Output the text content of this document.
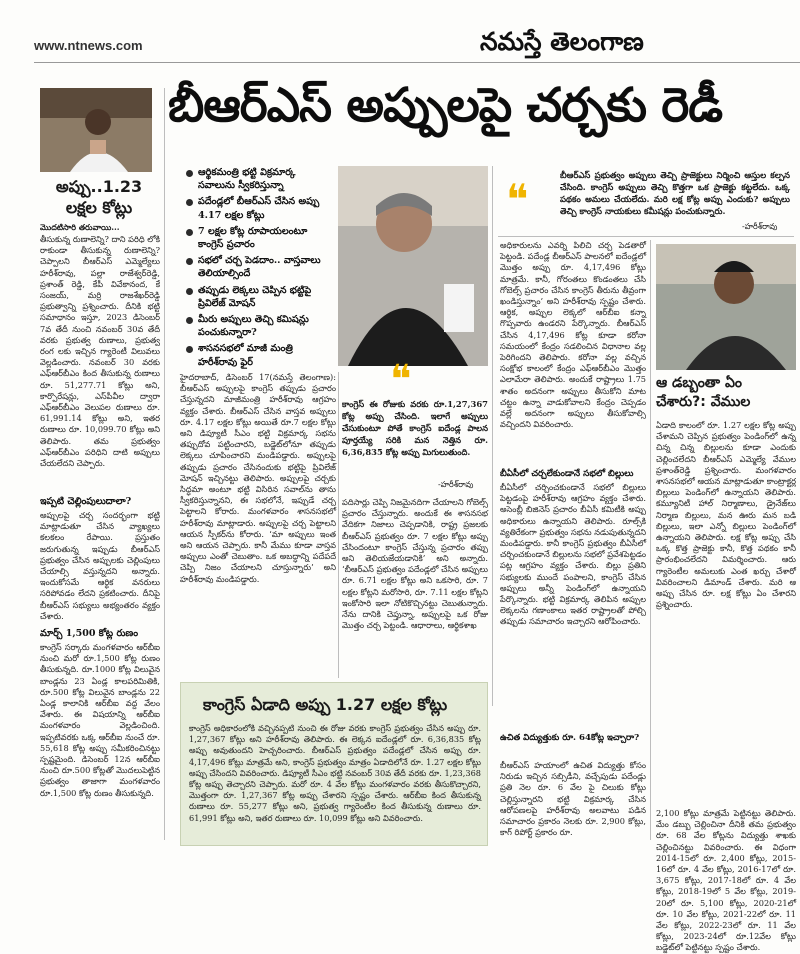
www.ntnews.com	నమస్తే తెలంగాణ
బీఆర్ఎస్ అప్పులపై చర్చకు రెడీ
అప్పు..1.23 లక్షల కోట్లు
మొదటిసారి తరువాయి...
తీసుకున్న రుణాలెన్ని? దాని పరిధి లోకి రాకుండా తీసుకున్న రుణాలెన్ని? చెప్పాలని బీఆర్ఎస్ ఎమ్మెల్యేలు హరీశ్‌రావు, పల్లా రాజేశ్వర్‌రెడ్డి, ప్రశాంత్ రెడ్డి, కేపీ వివేకానంద, కే సంజయ్, మర్రి రాజశేఖర్‌రెడ్డి ప్రభుత్వాన్ని ప్రశ్నించారు. దీనికి భట్టి సమాధానం ఇస్తూ, 2023 డిసెంబర్ 7వ తేదీ నుంచి నవంబర్ 30వ తేదీ వరకు ప్రభుత్వ రుణాలు, ప్రభుత్వ రంగ లకు ఇచ్చిన గ్యారెంటీ విలువలు వెల్లడించారు. నవంబర్ 30 వరకు ఎఫ్‌ఆర్‌బీఎం కింద తీసుకున్న రుణాలు రూ. 51,277.71 కోట్లు అని, కార్పొరేషన్లు, ఎస్‌పీవీల ద్వారా ఎఫ్‌ఆర్‌బీఎం వెలుపల రుణాలు రూ. 61,991.14 కోట్లు అని, ఇతర రుణాలు రూ. 10,099.70 కోట్లు అని తెలిపారు. తమ ప్రభుత్వం ఎఫ్‌ఆర్‌బీఎం పరిధిని దాటి అప్పులు చేయలేదని చెప్పారు.
ఇప్పటి చెల్లింపులుదాలా?
అప్పులపై చర్చ సందర్భంగా భట్టి మాట్లాడుతూ చేసిన వ్యాఖ్యలు కలకలం రేపాయి. ప్రస్తుతం జరుగుతున్న ఇప్పుడు బీఆర్ఎస్ ప్రభుత్వం చేసిన అప్పులకు చెల్లింపులు చేయాల్సి వస్తున్నదని అన్నారు. ఇందుకోసమే ఆర్థిక వనరులు సరిపోవడం లేదని ప్రకటించారు. దీనిపై బీఆర్ఎస్ సభ్యులు అభ్యంతరం వ్యక్తం చేశారు.
మార్చ్ 1,500 కోట్ల రుణం
కాంగ్రెస్ సర్కారు మంగళవారం ఆర్‌బీఐ నుంచి మరో రూ.1,500 కోట్ల రుణం తీసుకున్నది. రూ.1000 కోట్ల విలువైన బాండ్లను 23 ఏండ్ల కాలపరిమితికి, రూ.500 కోట్ల విలువైన బాండ్లను 22 ఏండ్ల కాలానికి ఆర్‌బీఐ వద్ద వేలం వేశారు. ఈ విషయాన్ని ఆర్‌బీఐ మంగళవారం వెల్లడించింది. ఇప్పటివరకు ఒక్క ఆర్‌బీఐ నుంచే రూ. 55,618 కోట్ల అప్పు సమీకరించినట్టు స్పష్టమైంది. డిసెంబర్ 12న ఆర్‌బీఐ నుంచి రూ.500 కోట్లతో మొదలుపెట్టిన ప్రభుత్వం తాజాగా మంగళవారం రూ.1,500 కోట్ల రుణం తీసుకున్నది.
ఆర్థికమంత్రి భట్టి విక్రమార్క సవాలును స్వీకరిస్తున్నా
పదేండ్లలో బీఆర్ఎస్ చేసిన అప్పు 4.17 లక్షల కోట్లు
7 లక్షల కోట్ల రూపాయలంటూ కాంగ్రెస్ ప్రచారం
సభలో చర్చ పెడదాం.. వాస్తవాలు తెలియాల్సిందే
తప్పుడు లెక్కలు చెప్పిన భట్టిపై ప్రివిలేజ్ మోషన్
మీరు అప్పులు తెచ్చి కమిషన్లు పంచుకున్నారా?
శాసనసభలో మాజీ మంత్రి హరీశ్‌రావు ఫైర్	❝
కాంగ్రెస్ ఈ రోజుకు వరకు రూ.1,27,367 కోట్ల అప్పు చేసింది. ఇలాగే అప్పులు చేసుకుంటూ పోతే కాంగ్రెస్ ఐదేండ్ల పాలన పూర్తయ్యే సరికి మన నెత్తిన రూ. 6,36,835 కోట్ల అప్పు మిగులుతుంది.
-హరీశ్‌రావు
హైదరాబాద్, డిసెంబర్ 17(నమస్తే తెలంగాణ): బీఆర్ఎస్ అప్పులపై కాంగ్రెస్ తప్పుడు ప్రచారం చేస్తున్నదని మాజీమంత్రి హరీశ్‌రావు ఆగ్రహం వ్యక్తం చేశారు. బీఆర్ఎస్ చేసిన వాస్తవ అప్పులు రూ. 4.17 లక్షల కోట్లు అయితే రూ.7 లక్షల కోట్లు అని డిప్యూటీ సీఎం భట్టి విక్రమార్క సభను తప్పుదోవ పట్టించారని, బడ్జెట్‌లోనూ తప్పుడు లెక్కలు చూపించారని మండిపడ్డారు. అప్పులపై తప్పుడు ప్రచారం చేసినందుకు భట్టిపై ప్రివిలేజ్ మోషన్ ఇచ్చినట్టు తెలిపారు. అప్పులపై చర్చకు సిద్ధమా అంటూ భట్టి విసిరిన సవాల్‌ను తాను స్వీకరిస్తున్నానని, ఈ సభలోనే, ఇప్పుడే చర్చ పెట్టాలని కోరారు. మంగళవారం శాసనసభలో హరీశ్‌రావు మాట్లాడారు. అప్పులపై చర్చ పెట్టాలని ఆయన స్పీకర్‌ను కోరారు. ‘మా అప్పులు ఇంత అని ఆయన చెప్పారు. కానీ మేము కూడా వాస్తవ అప్పులు ఎంతో చెబుతాం. ఒక అబద్ధాన్ని పదేపదే చెప్పి నిజం చేయాలని చూస్తున్నారు’ అని హరీశ్‌రావు మండిపడ్డారు.
పదిసార్లు చెప్పి నిజమైనదిగా చేయాలని గోబెల్స్ ప్రచారం చేస్తున్నారు. అందుకే ఈ శాసనసభ వేదికగా నిజాలు చెప్పడానికి, రాష్ట్ర ప్రజలకు బీఆర్ఎస్ ప్రభుత్వం రూ. 7 లక్షల కోట్లు అప్పు చేసిందంటూ కాంగ్రెస్ చేస్తున్న ప్రచారం తప్పు అని తెలియజేయడానికి’ అని అన్నారు. ‘బీఆర్ఎస్ ప్రభుత్వం పదేండ్లలో చేసిన అప్పులు రూ. 6.71 లక్షల కోట్లు అని ఒకసారి, రూ. 7 లక్షల కోట్లని మరోసారి, రూ. 7.11 లక్షల కోట్లని ఇంకోసారి ఇలా నోటికొచ్చినట్టు చెబుతున్నారు. నేను దానికి చెప్తున్నా, అప్పులపై ఒక రోజు మొత్తం చర్చ పెట్టండి. ఆధారాలు, ఆర్థికశాఖ
కాంగ్రెస్ ఏడాది అప్పు 1.27 లక్షల కోట్లు
కాంగ్రెస్ అధికారంలోకి వచ్చినప్పటి నుంచి ఈ రోజు వరకు కాంగ్రెస్ ప్రభుత్వం చేసిన అప్పు రూ. 1,27,367 కోట్లు అని హరీశ్‌రావు తెలిపారు. ఈ లెక్కన ఐదేండ్లలో రూ. 6,36,835 కోట్ల అప్పు అవుతుందని హెచ్చరించారు. బీఆర్ఎస్ ప్రభుత్వం పదేండ్లలో చేసిన అప్పు రూ. 4,17,496 కోట్లు మాత్రమే అని, కాంగ్రెస్ ప్రభుత్వం మాత్రం ఏడాదిలోనే రూ. 1.27 లక్షల కోట్లు అప్పు చేసిందని వివరించారు. డిప్యూటీ సీఎం భట్టి నవంబర్ 30వ తేదీ వరకు రూ. 1,23,368 కోట్ల అప్పు తెచ్చారని చెప్పారు. మరో రూ. 4 వేల కోట్లు మంగళవారం వరకు తీసుకొచ్చారని, మొత్తంగా రూ. 1,27,367 కోట్ల అప్పు చేశారని స్పష్టం చేశారు. ఆర్‌బీఐ కింద తీసుకున్న రుణాలు రూ. 55,277 కోట్లు అని, ప్రభుత్వ గ్యారెంటీల కింద తీసుకున్న రుణాలు రూ. 61,991 కోట్లు అని, ఇతర రుణాలు రూ. 10,099 కోట్లు అని వివరించారు.
❝	బీఆర్ఎస్ ప్రభుత్వం అప్పులు తెచ్చి ప్రాజెక్టులు నిర్మించి ఆస్తుల కల్పన చేసింది. కాంగ్రెస్ అప్పులు తెచ్చి కొత్తగా ఒక ప్రాజెక్టు కట్టలేదు. ఒక్క పథకం అమలు చేయలేదు. మరి లక్ష కోట్ల అప్పు ఎందుకు? అప్పులు తెచ్చి కాంగ్రెస్ నాయకులు కమీషన్లు పంచుకున్నారు.
-హరీశ్‌రావు
అధికారులను ఎవర్ని పిలిచి చర్చ పెడతారో పెట్టండి. పదేండ్ల బీఆర్ఎస్ పాలనలో ఐదేండ్లలో మొత్తం అప్పు రూ. 4,17,496 కోట్లు మాత్రమే. కానీ, గోరంతలు కొండంతలు చేసి గోబెల్స్ ప్రచారం చేసిన కాంగ్రెస్ తీరును తీవ్రంగా ఖండిస్తున్నాం’ అని హరీశ్‌రావు స్పష్టం చేశారు. ఆర్థిక, అప్పుల లెక్కలో ఆర్‌బీఐ కన్నా గొప్పవారు ఉండరని పేర్కొన్నారు. బీఆర్ఎస్ చేసిన 4,17,496 కోట్ల కూడా కరోనా సమయంలో కేంద్రం సడలించిన విధానాల వల్ల పెరిగిందని తెలిపారు. కరోనా వల్ల వచ్చిన సంక్షోభ కాలంలో కేంద్రం ఎఫ్‌ఆర్‌బీఎం మొత్తం ఎలామేరా తెలిపారు. అందుకే రాష్ట్రాలు 1.75 శాతం అదనంగా అప్పులు తీసుకోని మాట చట్టం ఉన్నా వాడుకోవాలని కేంద్రం చెప్పడం వల్లే అదనంగా అప్పులు తీసుకోవాల్సి వచ్చిందని వివరించారు.
బీఏసీలో చర్చలేకుండానే సభలో బిల్లులు
బీఏసీలో చర్చించకుండానే సభలో బిల్లులు పెట్టడంపై హరీశ్‌రావు ఆగ్రహం వ్యక్తం చేశారు. అసెంబ్లీ బిజినెస్ ప్రచారం బీఏసీ కమిటీకి అప్పు అధికారులు ఉన్నాయని తెలిపారు. రూల్స్‌కి వ్యతిరేకంగా ప్రభుత్వం సభను నడుపుతున్నదని మండిపడ్డారు. కానీ కాంగ్రెస్ ప్రభుత్వం బీఏసీలో చర్చించకుండానే బిల్లులను సభలో ప్రవేశపెట్టడం పట్ల ఆగ్రహం వ్యక్తం చేశారు. బిల్లు ప్రతిని సభ్యులకు ముందే పంపాలని, కాంగ్రెస్ చేసిన అప్పులు అన్నీ పెండింగ్‌లో ఉన్నాయని పేర్కొన్నారు. భట్టి విక్రమార్క తెలిపిన అప్పుల లెక్కలను గణాంకాలు ఇతర రాష్ట్రాలతో పోల్చి తప్పుడు సమాచారం ఇచ్చారని ఆరోపించారు.
ఉచిత విద్యుత్తుకు రూ. 64కోట్ల ఇచ్చారా?
బీఆర్ఎస్ హయాంలో ఉచిత విద్యుత్తు కోసం నిరుడు ఇచ్చిన సబ్సిడీని, వచ్చేపుడు పదేండ్లు ప్రతి నెల రూ. 6 వేల పై చిలుకు కోట్లు చెల్లిస్తున్నారని భట్టి విక్రమార్క చేసిన ఆరోపణలపై హరీశ్‌రావు అలవాటు పడిన సమాచారం ప్రకారం నెలకు రూ. 2,900 కోట్లు, కాగ్ రిపోర్ట్ ప్రకారం రూ.
ఆ డబ్బంతా ఏం చేశారు?: వేముల
ఏడాది కాలంలో రూ. 1.27 లక్షల కోట్ల అప్పు చేశామని చెప్పిన ప్రభుత్వం పెండింగ్‌లో ఉన్న చిన్న చిన్న బిల్లులను కూడా ఎందుకు చెల్లించలేదని బీఆర్ఎస్ ఎమ్మెల్యే వేముల ప్రశాంత్‌రెడ్డి ప్రశ్నించారు. మంగళవారం శాసనసభలో ఆయన మాట్లాడుతూ కాంట్రాక్టర్ల బిల్లులు పెండింగ్‌లో ఉన్నాయని తెలిపారు. కమ్యూనిటీ హాల్ నిర్మాణాలు, డ్రైనేజ్‌లు నిర్మాణ బిల్లులు, మన ఊరు మన బడి బిల్లులు, ఇలా ఎన్నో బిల్లులు పెండింగ్‌లో ఉన్నాయని తెలిపారు. లక్ష కోట్ల అప్పు చేసి ఒక్క కొత్త ప్రాజెక్టు కానీ, కొత్త పథకం కానీ ప్రారంభించలేదని విమర్శించారు. ఆరు గ్యారెంటీల అమలుకు ఎంత ఖర్చు చేశారో వివరించాలని డిమాండ్ చేశారు. మరి ఆ అప్పు చేసిన రూ. లక్ష కోట్లు ఏం చేశారని ప్రశ్నించారు.
2,100 కోట్లు మాత్రమే పెట్టినట్టు తెలిపారు. మేం డబ్బు చెల్లించినా దీనికి తమ ప్రభుత్వం రూ. 68 వేల కోట్లను విద్యుత్తు శాఖకు చెల్లించినట్టు వివరించారు. ఈ విధంగా 2014-15లో రూ. 2,400 కోట్లు, 2015-16లో రూ. 4 వేల కోట్లు, 2016-17లో రూ. 3,675 కోట్లు, 2017-18లో రూ. 4 వేల కోట్లు, 2018-19లో 5 వేల కోట్లు, 2019-20లో రూ. 5,100 కోట్లు, 2020-21లో రూ. 10 వేల కోట్లు, 2021-22లో రూ. 11 వేల కోట్లు, 2022-23లో రూ. 11 వేల కోట్లు, 2023-24లో రూ.12వేల కోట్లు బడ్జెట్‌లో పెట్టినట్టు స్పష్టం చేశారు.
